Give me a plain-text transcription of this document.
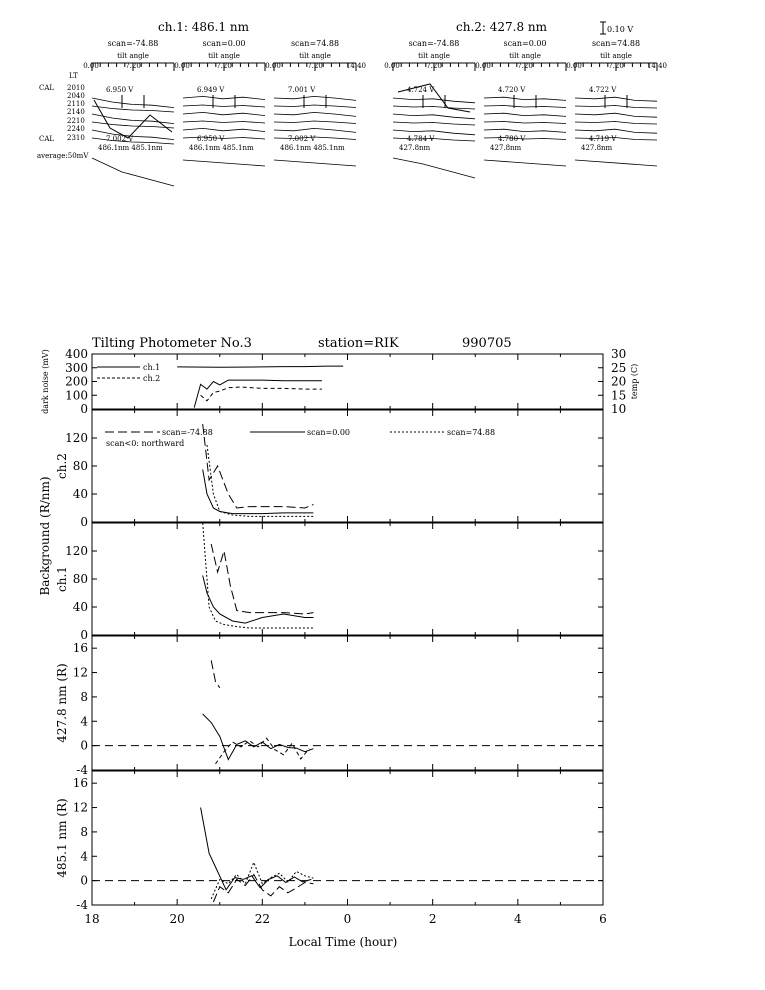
ch.1: 486.1 nm	ch.2: 427.8 nm	0.10 V
LT
CAL
CAL
average:50mV
2010
2040
2110
2140
2210
2240
2310
scan=-74.88
tilt angle
0.00	7.20
6.950 V
7.002 V
486.1nm 485.1nm
scan=0.00
tilt angle
0.00	7.20
6.949 V
6.950 V
486.1nm 485.1nm
scan=74.88
tilt angle
0.00	7.20	14.40
7.001 V
7.002 V
486.1nm 485.1nm
scan=-74.88
tilt angle
0.00	7.20
4.724 V
4.784 V
427.8nm
scan=0.00
tilt angle
0.00	7.20
4.720 V
4.780 V
427.8nm
scan=74.88
tilt angle
0.00	7.20	14.40
4.722 V
4.719 V
427.8nm
Tilting Photometer No.3	station=RIK	990705
0
100
200
300
400
dark noise (mV)	10
15
20
25
30
temp (C)
ch.1
ch.2
0
40
80
120
ch.2
scan=-74.88	scan=0.00	scan=74.88
scan<0: northward
0
40
80
120
ch.1
-4
0
4
8
12
16
427.8 nm (R)
-4
0
4
8
12
16
485.1 nm (R)
18	20	22	0	2	4	6
Background (R/nm)
Local Time (hour)
